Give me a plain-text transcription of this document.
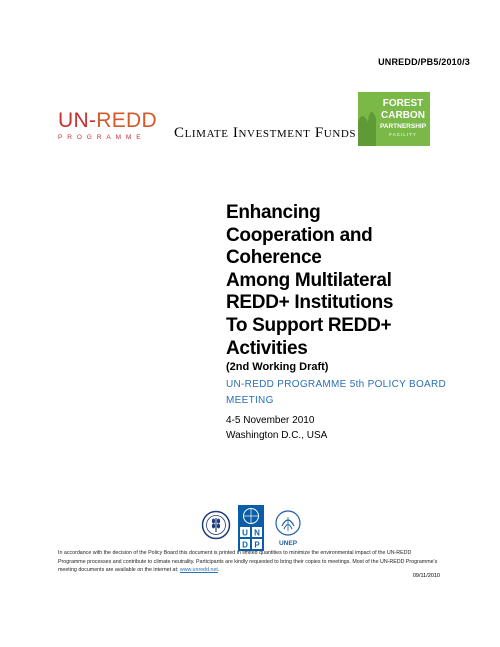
UNREDD/PB5/2010/3
UN-REDD
PROGRAMME	Climate Investment Funds
FOREST
CARBON
PARTNERSHIP
FACILITY
Enhancing
Cooperation and
Coherence
Among Multilateral
REDD+ Institutions
To Support REDD+
Activities
(2nd Working Draft)
UN-REDD PROGRAMME 5th POLICY BOARD MEETING
4-5 November 2010
Washington D.C., USA
U N
D P	UNEP
In accordance with the decision of the Policy Board this document is printed in limited quantities to minimize the environmental impact of the UN-REDD Programme processes and contribute to climate neutrality. Participants are kindly requested to bring their copies to meetings. Most of the UN-REDD Programme's meeting documents are available on the internet at: www.unredd.net.
09/11/2010
